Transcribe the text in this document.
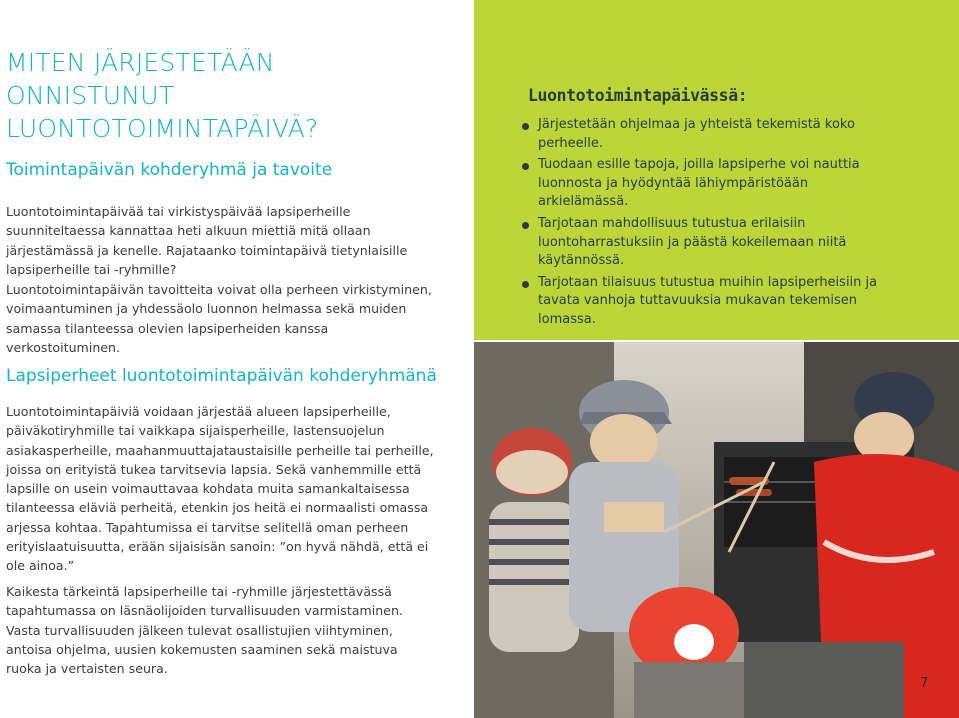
MITEN JÄRJESTETÄÄN ONNISTUNUT LUONTOTOIMINTAPÄIVÄ?
Toimintapäivän kohderyhmä ja tavoite

Luontotoimintapäivää tai virkistyspäivää lapsiperheille suunniteltaessa kannattaa heti alkuun miettiä mitä ollaan järjestämässä ja kenelle. Rajataanko toimintapäivä tietynlaisille lapsiperheille tai -ryhmille?

Luontotoimintapäivän tavoitteita voivat olla perheen virkistyminen, voimaantuminen ja yhdessäolo luonnon helmassa sekä muiden samassa tilanteessa olevien lapsiperheiden kanssa verkostoituminen.

Lapsiperheet luontotoimintapäivän kohderyhmänä

Luontotoimintapäiviä voidaan järjestää alueen lapsiperheille, päiväkotiryhmille tai vaikkapa sijaisperheille, lastensuojelun asiakasperheille, maahanmuuttajataustaisille perheille tai perheille, joissa on erityistä tukea tarvitsevia lapsia. Sekä vanhemmille että lapsille on usein voimauttavaa kohdata muita samankaltaisessa tilanteessa eläviä perheitä, etenkin jos heitä ei normaalisti omassa arjessa kohtaa. Tapahtumissa ei tarvitse selitellä oman perheen erityislaatuisuutta, erään sijaisisän sanoin: ”on hyvä nähdä, että ei ole ainoa.”

Kaikesta tärkeintä lapsiperheille tai -ryhmille järjestettävässä tapahtumassa on läsnäolijoiden turvallisuuden varmistaminen. Vasta turvallisuuden jälkeen tulevat osallistujien viihtyminen, antoisa ohjelma, uusien kokemusten saaminen sekä maistuva ruoka ja vertaisten seura.

Luontotoimintapäivässä:
Järjestetään ohjelmaa ja yhteistä tekemistä koko perheelle.
Tuodaan esille tapoja, joilla lapsiperhe voi nauttia luonnosta ja hyödyntää lähiympäristöään arkielämässä.
Tarjotaan mahdollisuus tutustua erilaisiin luontoharrastuksiin ja päästä kokeilemaan niitä käytännössä.
Tarjotaan tilaisuus tutustua muihin lapsiperheisiin ja tavata vanhoja tuttavuuksia mukavan tekemisen lomassa.
7
